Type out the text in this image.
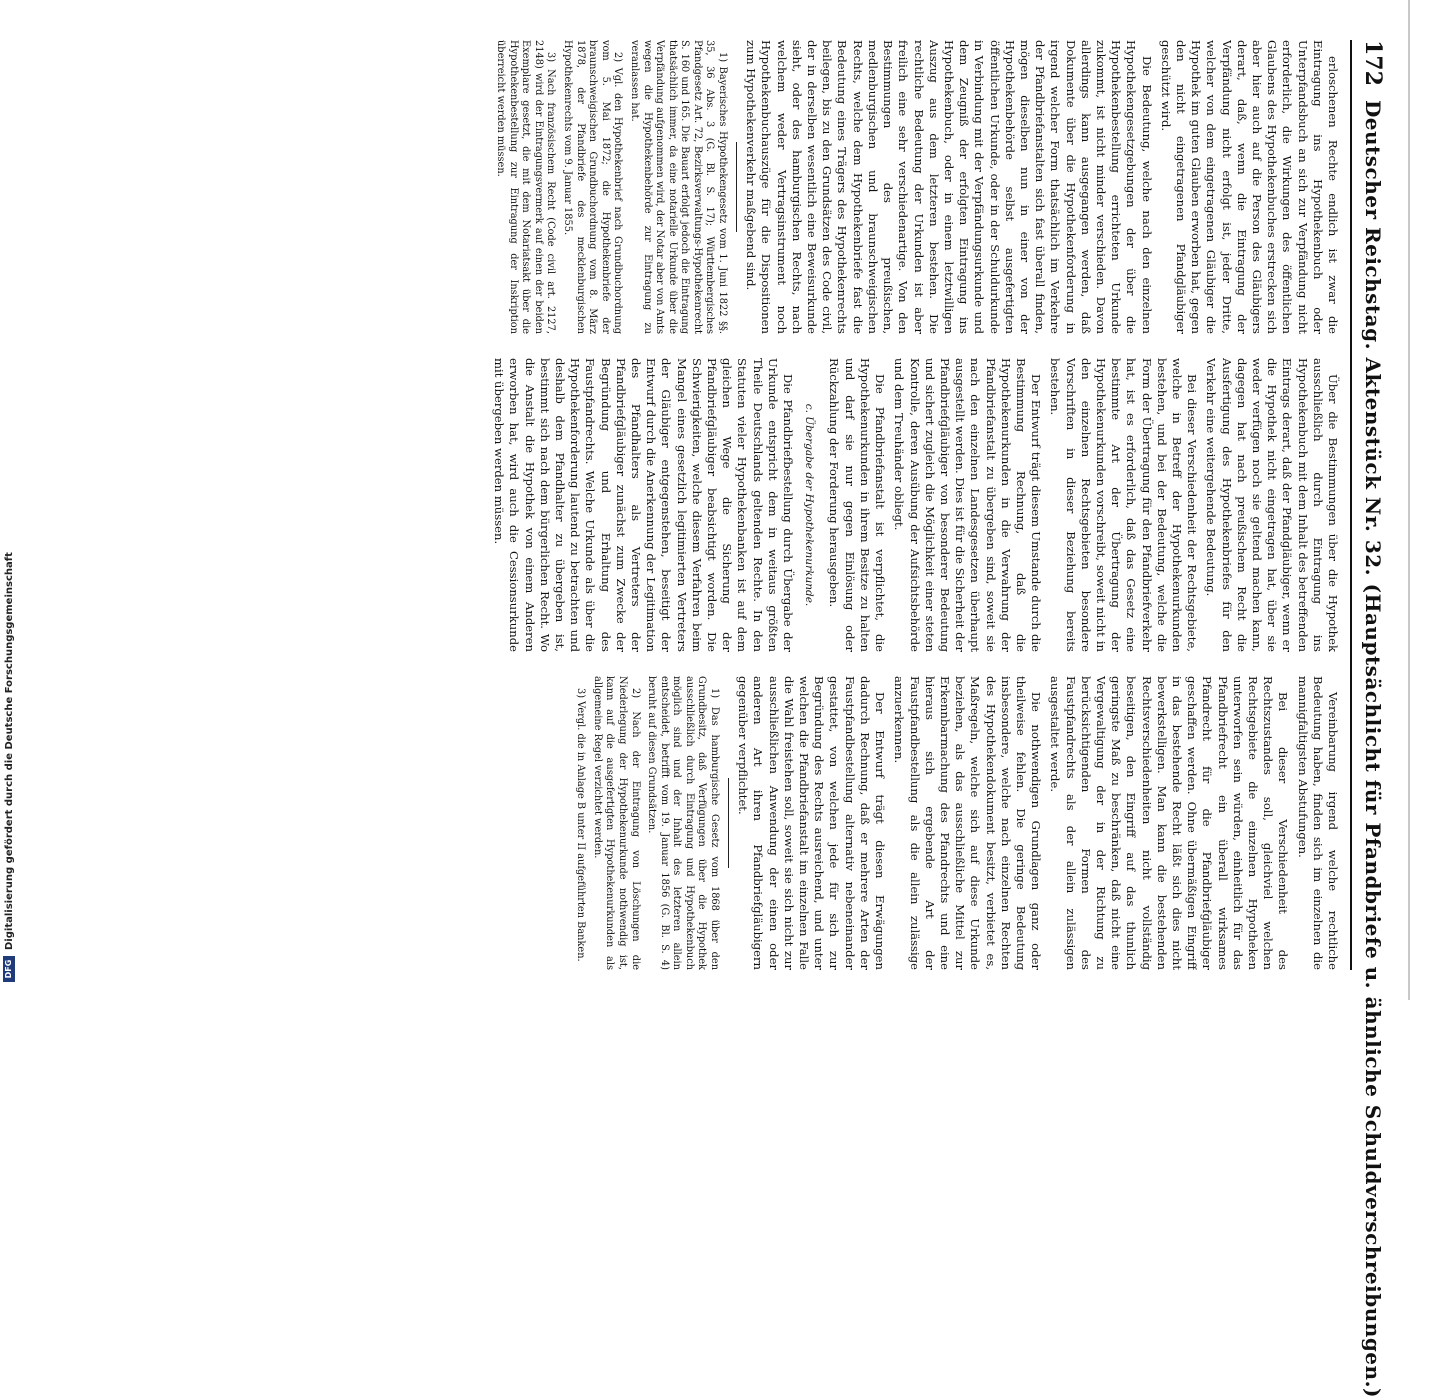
172
Deutscher Reichstag. Aktenstück Nr. 32. (Hauptsächlicht für Pfandbriefe u. ähnliche Schuldverschreibungen.)

erloschenen Rechte endlich ist zwar die Eintragung ins Hypothekenbuch oder Unterpfandsbuch an sich zur Verpfändung nicht erforderlich, die Wirkungen des öffentlichen Glaubens des Hypothekenbuches erstrecken sich aber hier auch auf die Person des Gläubigers derart, daß, wenn die Eintragung der Verpfändung nicht erfolgt ist, jeder Dritte, welcher von dem eingetragenen Gläubiger die Hypothek im guten Glauben erworben hat, gegen den nicht eingetragenen Pfandgläubiger geschützt wird.

Die Bedeutung, welche nach den einzelnen Hypothekengesetzgebungen der über die Hypothekenbestellung errichteten Urkunde zukommt, ist nicht minder verschieden. Davon allerdings kann ausgegangen werden, daß Dokumente über die Hypothekenforderung in irgend welcher Form thatsächlich im Verkehre der Pfandbriefanstalten sich fast überall finden, mögen dieselben nun in einer von der Hypothekenbehörde selbst ausgefertigten öffentlichen Urkunde, oder in der Schuldurkunde in Verbindung mit der Verpfändungsurkunde und dem Zeugniß der erfolgten Eintragung ins Hypothekenbuch, oder in einem letztwilligen Auszug aus dem letzteren bestehen. Die rechtliche Bedeutung der Urkunden ist aber freilich eine sehr verschiedenartige. Von den Bestimmungen des preußischen, medlenburgischen und braunschweigischen Rechts, welche dem Hypothekenbriefe fast die Bedeutung eines Trägers des Hypothekenrechts beilegen, bis zu den Grundsätzen des Code civil, der in derselben wesentlich eine Beweisurkunde sieht, oder des hamburgischen Rechts, nach welchem weder Vertragsinstrument noch Hypothekenbuchauszüge für die Dispositionen zum Hypothekenverkehr maßgebend sind.

1) Bayerisches Hypothekengesetz vom 1. Juni 1822 §§. 35, 36 Abs. 3 (G. Bl. S. 17); Württembergisches Pfandgesetz Art. 72, Bezirksverwaltungs-Hypothekenrecht S. 160 und 165. Die Bauart erfolgt jedoch die Eintragung thatsächlich immer, da eine notarielle Urkunde über die Verpfändung aufgenommen wird, der Notar aber von Amts wegen die Hypothekenbehörde zur Eintragung zu veranlassen hat.

2) Vgl. den Hypothekenbrief nach Grundbuchordnung vom 5. Mai 1872; die Hypothekenbriefe der braunschweigischen Grundbuchordnung vom 8. März 1878, der Pfandbriefe des mecklenburgischen Hypothekenrechts vom 9. Januar 1855.

3) Nach französischem Recht (Code civil art. 2127, 2148) wird der Eintragungsvermerk auf einen der beiden Exemplare gesetzt, die mit dem Notariatsakt über die Hypothekenbestellung zur Eintragung der Inskription überreicht werden müssen.

Über die Bestimmungen über die Hypothek ausschließlich durch Eintragung ins Hypothekenbuch mit dem Inhalt des betreffenden Eintrags derart, daß der Pfandgläubiger, wenn er die Hypothek nicht eingetragen hat, über sie weder verfügen noch sie geltend machen kann, dagegen hat nach preußischem Recht die Ausfertigung des Hypothekenbriefes für den Verkehr eine weitergehende Bedeutung.

Bei dieser Verschiedenheit der Rechtsgebiete, welche in Betreff der Hypothekenurkunden bestehen, und bei der Bedeutung, welche die Form der Übertragung für den Pfandbriefverkehr hat, ist es erforderlich, daß das Gesetz eine bestimmte Art der Übertragung der Hypothekenurkunden vorschreibt, soweit nicht in den einzelnen Rechtsgebieten besondere Vorschriften in dieser Beziehung bereits bestehen.

Der Entwurf trägt diesem Umstande durch die Bestimmung Rechnung, daß die Hypothekenurkunden in die Verwahrung der Pfandbriefanstalt zu übergeben sind, soweit sie nach den einzelnen Landesgesetzen überhaupt ausgestellt werden. Dies ist für die Sicherheit der Pfandbriefgläubiger von besonderer Bedeutung und sichert zugleich die Möglichkeit einer steten Kontrolle, deren Ausübung der Aufsichtsbehörde und dem Treuhänder obliegt.

Die Pfandbriefanstalt ist verpflichtet, die Hypothekenurkunden in ihrem Besitze zu halten und darf sie nur gegen Einlösung oder Rückzahlung der Forderung herausgeben.

c. Übergabe der Hypothekenurkunde.

Die Pfandbriefbestellung durch Übergabe der Urkunde entspricht dem in weitaus größten Theile Deutschlands geltenden Rechte. In den Statuten vieler Hypothekenbanken ist auf dem gleichen Wege die Sicherung der Pfandbriefgläubiger beabsichtigt worden. Die Schwierigkeiten, welche diesem Verfahren beim Mangel eines gesetzlich legitimierten Vertreters der Gläubiger entgegenstehen, beseitigt der Entwurf durch die Anerkennung der Legitimation des Pfandhalters als Vertreters der Pfandbriefgläubiger zunächst zum Zwecke der Begründung und Erhaltung des Faustpfandrechts. Welche Urkunde als über die Hypothekenforderung lautend zu betrachten und deshalb dem Pfandhalter zu übergeben ist, bestimmt sich nach dem bürgerlichen Recht. Wo die Anstalt die Hypothek von einem Anderen erworben hat, wird auch die Cessionsurkunde mit übergeben werden müssen.

Vereinbarung irgend welche rechtliche Bedeutung haben, finden sich im einzelnen die mannigfaltigsten Abstufungen.

Bei dieser Verschiedenheit des Rechtszustandes soll, gleichviel welchen Rechtsgebiete die einzelnen Hypotheken unterworfen sein würden, einheitlich für das Pfandbriefrecht ein überall wirksames Pfandrecht für die Pfandbriefgläubiger geschaffen werden. Ohne übermäßigen Eingriff in das bestehende Recht läßt sich dies nicht bewerkstelligen. Man kann die bestehenden Rechtsverschiedenheiten nicht vollständig beseitigen, den Eingriff auf das thunlich geringste Maß zu beschränken, daß nicht eine Vergewaltigung der in der Richtung zu berücksichtigenden Formen des Faustpfandrechts als der allein zulässigen ausgestaltet werde.

Die nothwendigen Grundlagen ganz oder theilweise fehlen. Die geringe Bedeutung insbesondere, welche nach einzelnen Rechten des Hypothekendokument besitzt, verbietet es, Maßregeln, welche sich auf diese Urkunde beziehen, als das ausschließliche Mittel zur Erkennbarmachung des Pfandrechts und eine hieraus sich ergebende Art der Faustpfandbestellung als die allein zulässige anzuerkennen.

Der Entwurf trägt diesen Erwägungen dadurch Rechnung, daß er mehrere Arten der Faustpfandbestellung alternativ nebeneinander gestattet, von welchen jede für sich zur Begründung des Rechts ausreichend, und unter welchen die Pfandbriefanstalt im einzelnen Falle die Wahl freistehen soll, soweit sie sich nicht zur ausschließlichen Anwendung der einen oder anderen Art ihren Pfandbriefgläubigern gegenüber verpflichtet.

1) Das hamburgische Gesetz vom 1868 über den Grundbesitz, daß Verfügungen über die Hypothek ausschließlich durch Eintragung und Hypothekenbuch möglich sind und der Inhalt des letzteren allein entscheidet, betrifft vom 19. Januar 1856 (G. Bl. S. 4) beruht auf diesen Grundsätzen.

2) Nach der Eintragung von Löschungen die Niederlegung der Hypothekenurkunde nothwendig ist, kann auf die ausgefertigten Hypothekenurkunden als allgemeine Regel verzichtet werden.

3) Vergl. die in Anlage B unter II aufgeführten Banken.

DFG
Digitalisierung gefördert durch die Deutsche Forschungsgemeinschaft
